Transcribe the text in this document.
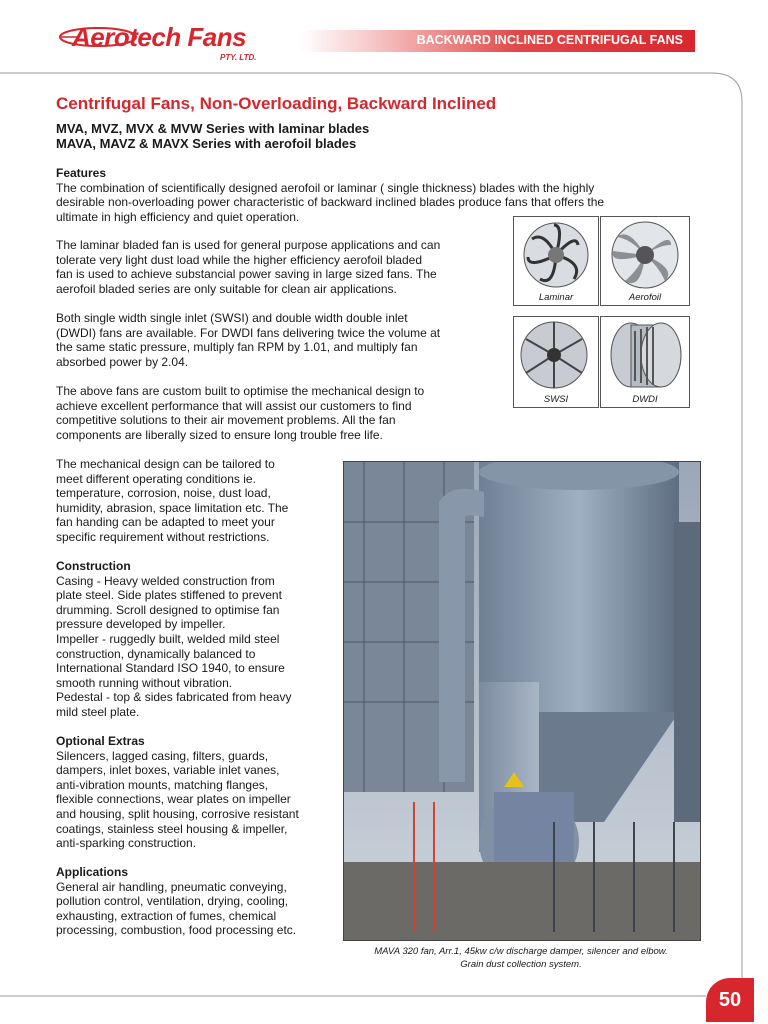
Aerotech Fans
PTY. LTD.
BACKWARD INCLINED CENTRIFUGAL FANS
Centrifugal Fans, Non-Overloading, Backward Inclined
MVA, MVZ, MVX & MVW Series with laminar blades
MAVA, MAVZ & MAVX Series with aerofoil blades
Features
The combination of scientifically designed aerofoil or laminar ( single thickness) blades with the highly
desirable non-overloading power characteristic of backward inclined blades produce fans that offers the
ultimate in high efficiency and quiet operation.
The laminar bladed fan is used for general purpose applications and can
tolerate very light dust load while the higher efficiency aerofoil bladed
fan is used to achieve substancial power saving in large sized fans. The
aerofoil bladed series are only suitable for clean air applications.
Both single width single inlet (SWSI) and double width double inlet
(DWDI) fans are available. For DWDI fans delivering twice the volume at
the same static pressure, multiply fan RPM by 1.01, and multiply fan
absorbed power by 2.04.
The above fans are custom built to optimise the mechanical design to
achieve excellent performance that will assist our customers to find
competitive solutions to their air movement problems. All the fan
components are liberally sized to ensure long trouble free life.
The mechanical design can be tailored to
meet different operating conditions ie.
temperature, corrosion, noise, dust load,
humidity, abrasion, space limitation etc. The
fan handing can be adapted to meet your
specific requirement without restrictions.
Construction
Casing - Heavy welded construction from
plate steel. Side plates stiffened to prevent
drumming. Scroll designed to optimise fan
pressure developed by impeller.
Impeller - ruggedly built, welded mild steel
construction, dynamically balanced to
International Standard ISO 1940, to ensure
smooth running without vibration.
Pedestal - top & sides fabricated from heavy
mild steel plate.
Optional Extras
Silencers, lagged casing, filters, guards,
dampers, inlet boxes, variable inlet vanes,
anti-vibration mounts, matching flanges,
flexible connections, wear plates on impeller
and housing, split housing, corrosive resistant
coatings, stainless steel housing & impeller,
anti-sparking construction.
Applications
General air handling, pneumatic conveying,
pollution control, ventilation, drying, cooling,
exhausting, extraction of fumes, chemical
processing, combustion, food processing etc.
Laminar	Aerofoil
SWSI	DWDI
MAVA 320 fan, Arr.1, 45kw c/w discharge damper, silencer and elbow.
Grain dust collection system.
50
